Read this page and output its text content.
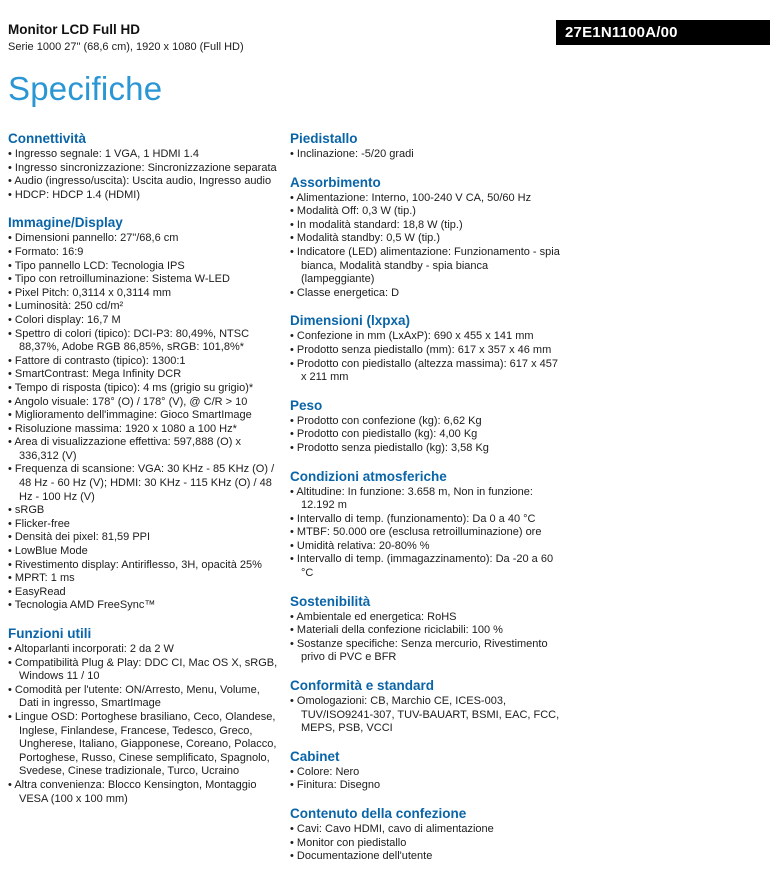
Monitor LCD Full HD
Serie 1000 27" (68,6 cm), 1920 x 1080 (Full HD)
27E1N1100A/00
Specifiche
Connettività
• Ingresso segnale: 1 VGA, 1 HDMI 1.4
• Ingresso sincronizzazione: Sincronizzazione separata
• Audio (ingresso/uscita): Uscita audio, Ingresso audio
• HDCP: HDCP 1.4 (HDMI)
Immagine/Display
• Dimensioni pannello: 27"/68,6 cm
• Formato: 16:9
• Tipo pannello LCD: Tecnologia IPS
• Tipo con retroilluminazione: Sistema W-LED
• Pixel Pitch: 0,3114 x 0,3114 mm
• Luminosità: 250 cd/m²
• Colori display: 16,7 M
• Spettro di colori (tipico): DCI-P3: 80,49%, NTSC 88,37%, Adobe RGB 86,85%, sRGB: 101,8%*
• Fattore di contrasto (tipico): 1300:1
• SmartContrast: Mega Infinity DCR
• Tempo di risposta (tipico): 4 ms (grigio su grigio)*
• Angolo visuale: 178° (O) / 178° (V), @ C/R > 10
• Miglioramento dell'immagine: Gioco SmartImage
• Risoluzione massima: 1920 x 1080 a 100 Hz*
• Area di visualizzazione effettiva: 597,888 (O) x 336,312 (V)
• Frequenza di scansione: VGA: 30 KHz - 85 KHz (O) / 48 Hz - 60 Hz (V); HDMI: 30 KHz - 115 KHz (O) / 48 Hz - 100 Hz (V)
• sRGB
• Flicker-free
• Densità dei pixel: 81,59 PPI
• LowBlue Mode
• Rivestimento display: Antiriflesso, 3H, opacità 25%
• MPRT: 1 ms
• EasyRead
• Tecnologia AMD FreeSync™
Funzioni utili
• Altoparlanti incorporati: 2 da 2 W
• Compatibilità Plug & Play: DDC CI, Mac OS X, sRGB, Windows 11 / 10
• Comodità per l'utente: ON/Arresto, Menu, Volume, Dati in ingresso, SmartImage
• Lingue OSD: Portoghese brasiliano, Ceco, Olandese, Inglese, Finlandese, Francese, Tedesco, Greco, Ungherese, Italiano, Giapponese, Coreano, Polacco, Portoghese, Russo, Cinese semplificato, Spagnolo, Svedese, Cinese tradizionale, Turco, Ucraino
• Altra convenienza: Blocco Kensington, Montaggio VESA (100 x 100 mm)
Piedistallo
• Inclinazione: -5/20 gradi
Assorbimento
• Alimentazione: Interno, 100-240 V CA, 50/60 Hz
• Modalità Off: 0,3 W (tip.)
• In modalità standard: 18,8 W (tip.)
• Modalità standby: 0,5 W (tip.)
• Indicatore (LED) alimentazione: Funzionamento - spia bianca, Modalità standby - spia bianca (lampeggiante)
• Classe energetica: D
Dimensioni (lxpxa)
• Confezione in mm (LxAxP): 690 x 455 x 141 mm
• Prodotto senza piedistallo (mm): 617 x 357 x 46 mm
• Prodotto con piedistallo (altezza massima): 617 x 457 x 211 mm
Peso
• Prodotto con confezione (kg): 6,62 Kg
• Prodotto con piedistallo (kg): 4,00 Kg
• Prodotto senza piedistallo (kg): 3,58 Kg
Condizioni atmosferiche
• Altitudine: In funzione: 3.658 m, Non in funzione: 12.192 m
• Intervallo di temp. (funzionamento): Da 0 a 40 °C
• MTBF: 50.000 ore (esclusa retroilluminazione) ore
• Umidità relativa: 20-80% %
• Intervallo di temp. (immagazzinamento): Da -20 a 60 °C
Sostenibilità
• Ambientale ed energetica: RoHS
• Materiali della confezione riciclabili: 100 %
• Sostanze specifiche: Senza mercurio, Rivestimento privo di PVC e BFR
Conformità e standard
• Omologazioni: CB, Marchio CE, ICES-003, TUV/ISO9241-307, TUV-BAUART, BSMI, EAC, FCC, MEPS, PSB, VCCI
Cabinet
• Colore: Nero
• Finitura: Disegno
Contenuto della confezione
• Cavi: Cavo HDMI, cavo di alimentazione
• Monitor con piedistallo
• Documentazione dell'utente
